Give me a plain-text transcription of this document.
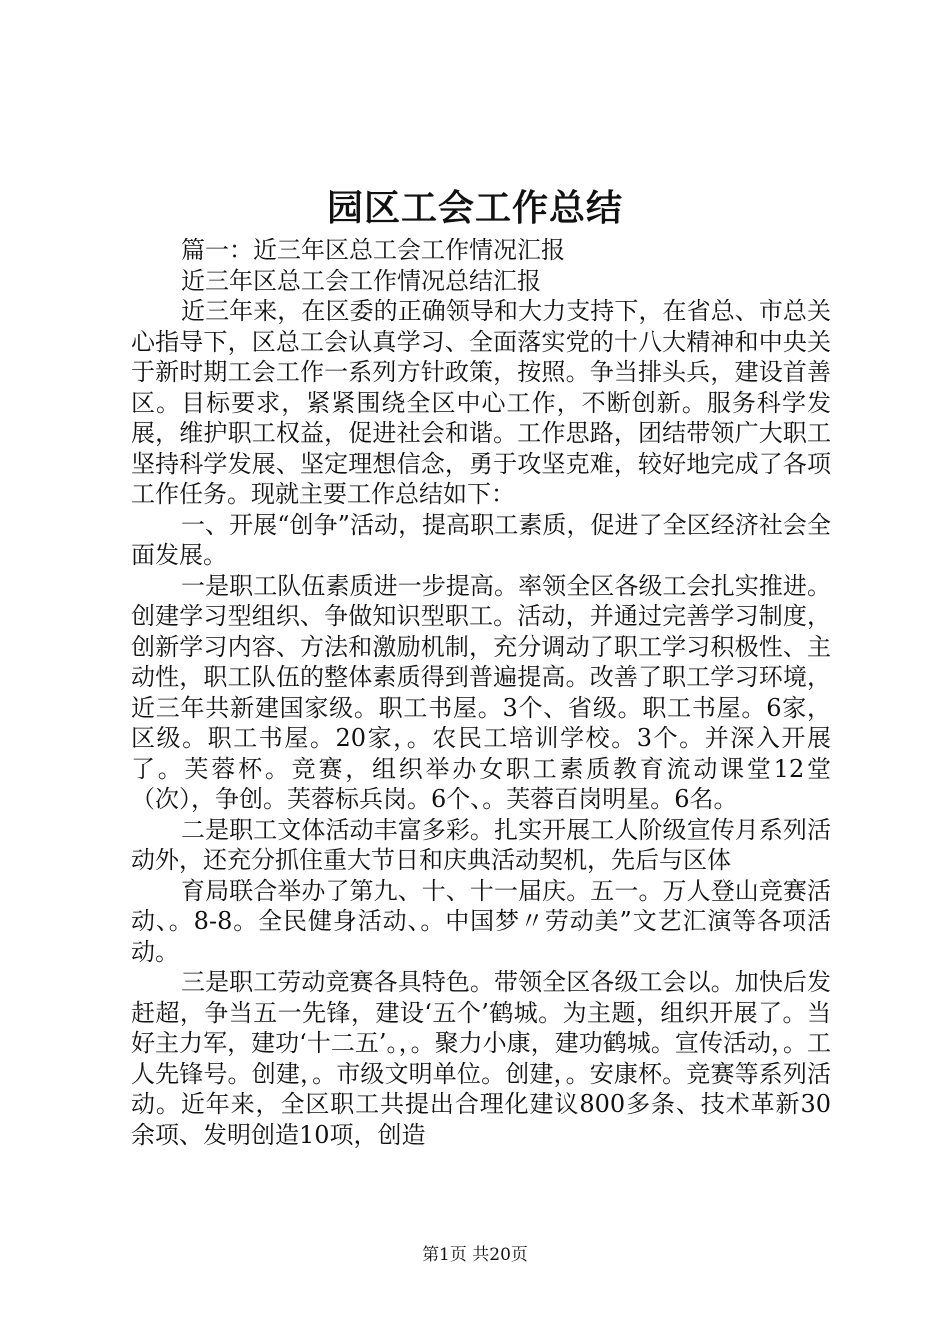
园区工会工作总结

篇一：近三年区总工会工作情况汇报

近三年区总工会工作情况总结汇报

近三年来，在区委的正确领导和大力支持下，在省总、市总关心指导下，区总工会认真学习、全面落实党的十八大精神和中央关于新时期工会工作一系列方针政策，按照。争当排头兵，建设首善区。目标要求，紧紧围绕全区中心工作，不断创新。服务科学发展，维护职工权益，促进社会和谐。工作思路，团结带领广大职工坚持科学发展、坚定理想信念，勇于攻坚克难，较好地完成了各项工作任务。现就主要工作总结如下：

一、开展“创争”活动，提高职工素质，促进了全区经济社会全面发展。

一是职工队伍素质进一步提高。率领全区各级工会扎实推进。创建学习型组织、争做知识型职工。活动，并通过完善学习制度，创新学习内容、方法和激励机制，充分调动了职工学习积极性、主动性，职工队伍的整体素质得到普遍提高。改善了职工学习环境，近三年共新建国家级。职工书屋。3个、省级。职工书屋。6家，区级。职工书屋。20家，。农民工培训学校。3个。并深入开展了。芙蓉杯。竞赛，组织举办女职工素质教育流动课堂12堂（次），争创。芙蓉标兵岗。6个、。芙蓉百岗明星。6名。

二是职工文体活动丰富多彩。扎实开展工人阶级宣传月系列活动外，还充分抓住重大节日和庆典活动契机，先后与区体

育局联合举办了第九、十、十一届庆。五一。万人登山竞赛活动、。8-8。全民健身活动、。中国梦〃劳动美”文艺汇演等各项活动。

三是职工劳动竞赛各具特色。带领全区各级工会以。加快后发赶超，争当五一先锋，建设‘五个’鹤城。为主题，组织开展了。当好主力军，建功‘十二五’。，。聚力小康，建功鹤城。宣传活动，。工人先锋号。创建，。市级文明单位。创建，。安康杯。竞赛等系列活动。近年来，全区职工共提出合理化建议800多条、技术革新30余项、发明创造10项，创造

第1页 共20页
